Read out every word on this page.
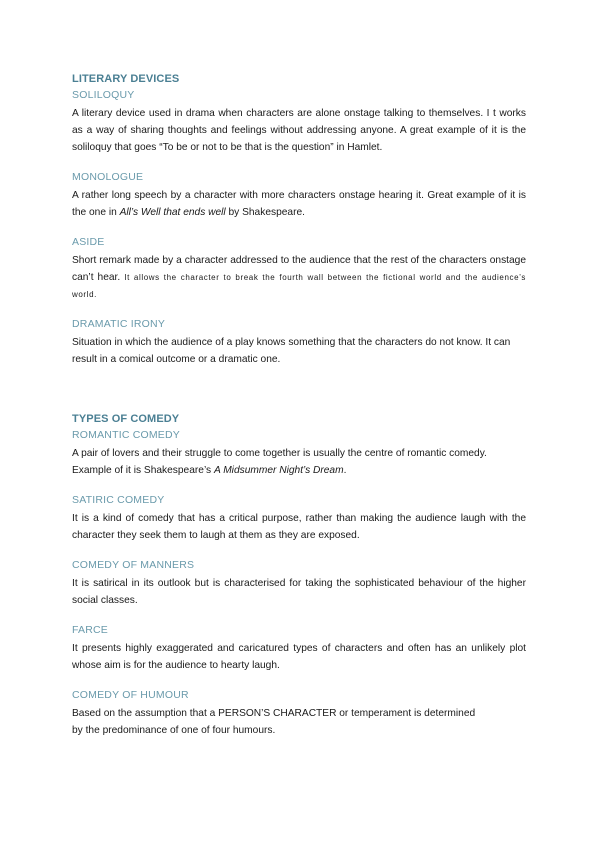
LITERARY DEVICES
SOLILOQUY

A literary device used in drama when characters are alone onstage talking to themselves. I t works as a way of sharing thoughts and feelings without addressing anyone. A great example of it is the soliloquy that goes “To be or not to be that is the question” in Hamlet.

MONOLOGUE

A rather long speech by a character with more characters onstage hearing it. Great example of it is the one in All’s Well that ends well by Shakespeare.

ASIDE

Short remark made by a character addressed to the audience that the rest of the characters onstage can’t hear. It allows the character to break the fourth wall between the fictional world and the audience’s world.

DRAMATIC IRONY

Situation in which the audience of a play knows something that the characters do not know. It can result in a comical outcome or a dramatic one.

TYPES OF COMEDY
ROMANTIC COMEDY

A pair of lovers and their struggle to come together is usually the centre of romantic comedy. Example of it is Shakespeare’s A Midsummer Night’s Dream.

SATIRIC COMEDY

It is a kind of comedy that has a critical purpose, rather than making the audience laugh with the character they seek them to laugh at them as they are exposed.

COMEDY OF MANNERS

It is satirical in its outlook but is characterised for taking the sophisticated behaviour of the higher social classes.

FARCE

It presents highly exaggerated and caricatured types of characters and often has an unlikely plot whose aim is for the audience to hearty laugh.

COMEDY OF HUMOUR

Based on the assumption that a PERSON’S CHARACTER or temperament is determined
by the predominance of one of four humours.
